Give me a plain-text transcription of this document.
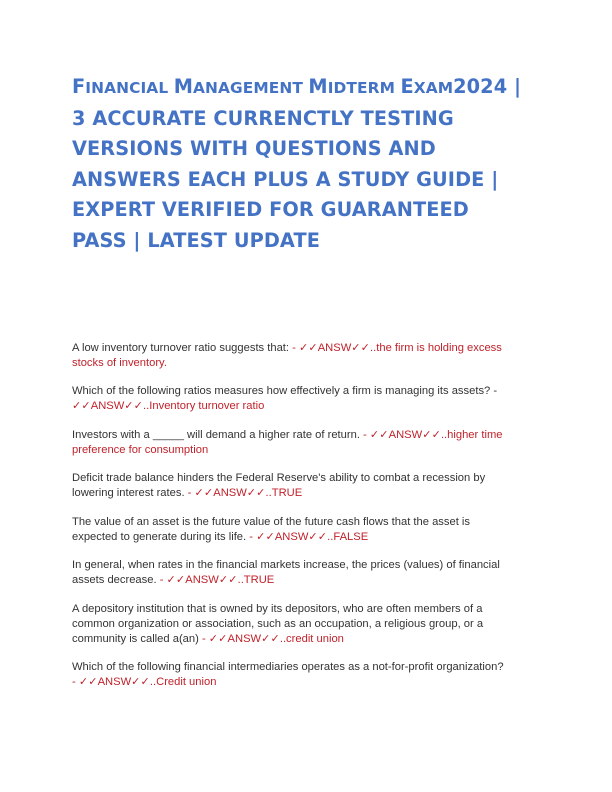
FINANCIAL MANAGEMENT MIDTERM EXAM2024 |
3 ACCURATE CURRENCTLY TESTING
VERSIONS WITH QUESTIONS AND
ANSWERS EACH PLUS A STUDY GUIDE |
EXPERT VERIFIED FOR GUARANTEED
PASS | LATEST UPDATE
A low inventory turnover ratio suggests that: - ✓✓ANSW✓✓..the firm is holding excess
stocks of inventory.
Which of the following ratios measures how effectively a firm is managing its assets? -
✓✓ANSW✓✓..Inventory turnover ratio
Investors with a _____ will demand a higher rate of return. - ✓✓ANSW✓✓..higher time
preference for consumption
Deficit trade balance hinders the Federal Reserve's ability to combat a recession by
lowering interest rates. - ✓✓ANSW✓✓..TRUE
The value of an asset is the future value of the future cash flows that the asset is
expected to generate during its life. - ✓✓ANSW✓✓..FALSE
In general, when rates in the financial markets increase, the prices (values) of financial
assets decrease. - ✓✓ANSW✓✓..TRUE
A depository institution that is owned by its depositors, who are often members of a
common organization or association, such as an occupation, a religious group, or a
community is called a(an) - ✓✓ANSW✓✓..credit union
Which of the following financial intermediaries operates as a not-for-profit organization?
- ✓✓ANSW✓✓..Credit union
